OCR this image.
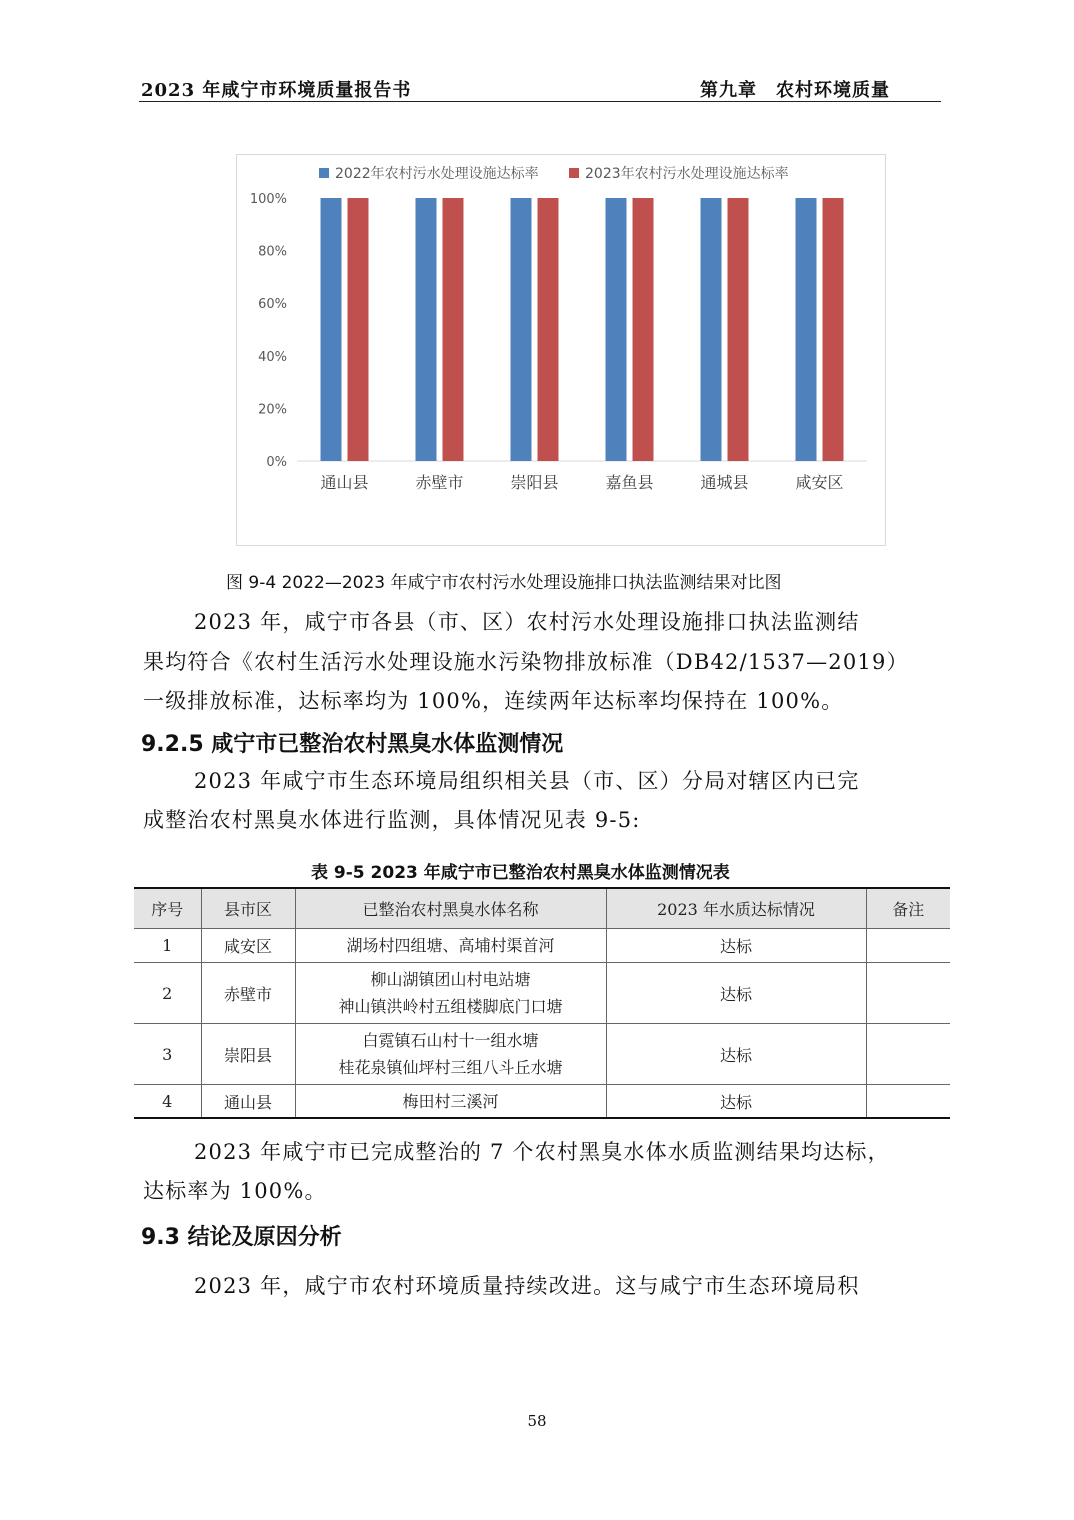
2023 年咸宁市环境质量报告书	第九章　农村环境质量
0%
20%
40%
60%
80%
100%
通山县	赤壁市	崇阳县	嘉鱼县	通城县	咸安区
2022年农村污水处理设施达标率	2023年农村污水处理设施达标率
图 9-4 2022—2023 年咸宁市农村污水处理设施排口执法监测结果对比图
2023 年，咸宁市各县（市、区）农村污水处理设施排口执法监测结
果均符合《农村生活污水处理设施水污染物排放标准（DB42/1537—2019）
一级排放标准，达标率均为 100%，连续两年达标率均保持在 100%。
9.2.5 咸宁市已整治农村黑臭水体监测情况
2023 年咸宁市生态环境局组织相关县（市、区）分局对辖区内已完
成整治农村黑臭水体进行监测，具体情况见表 9-5:
表 9-5 2023 年咸宁市已整治农村黑臭水体监测情况表
序号	县市区	已整治农村黑臭水体名称	2023 年水质达标情况	备注
1	咸安区	湖场村四组塘、高埔村渠首河	达标	
2	赤壁市	柳山湖镇团山村电站塘
神山镇洪岭村五组楼脚底门口塘	达标	
3	崇阳县	白霓镇石山村十一组水塘
桂花泉镇仙坪村三组八斗丘水塘	达标	
4	通山县	梅田村三溪河	达标	
2023 年咸宁市已完成整治的 7 个农村黑臭水体水质监测结果均达标，
达标率为 100%。
9.3 结论及原因分析
2023 年，咸宁市农村环境质量持续改进。这与咸宁市生态环境局积
58
